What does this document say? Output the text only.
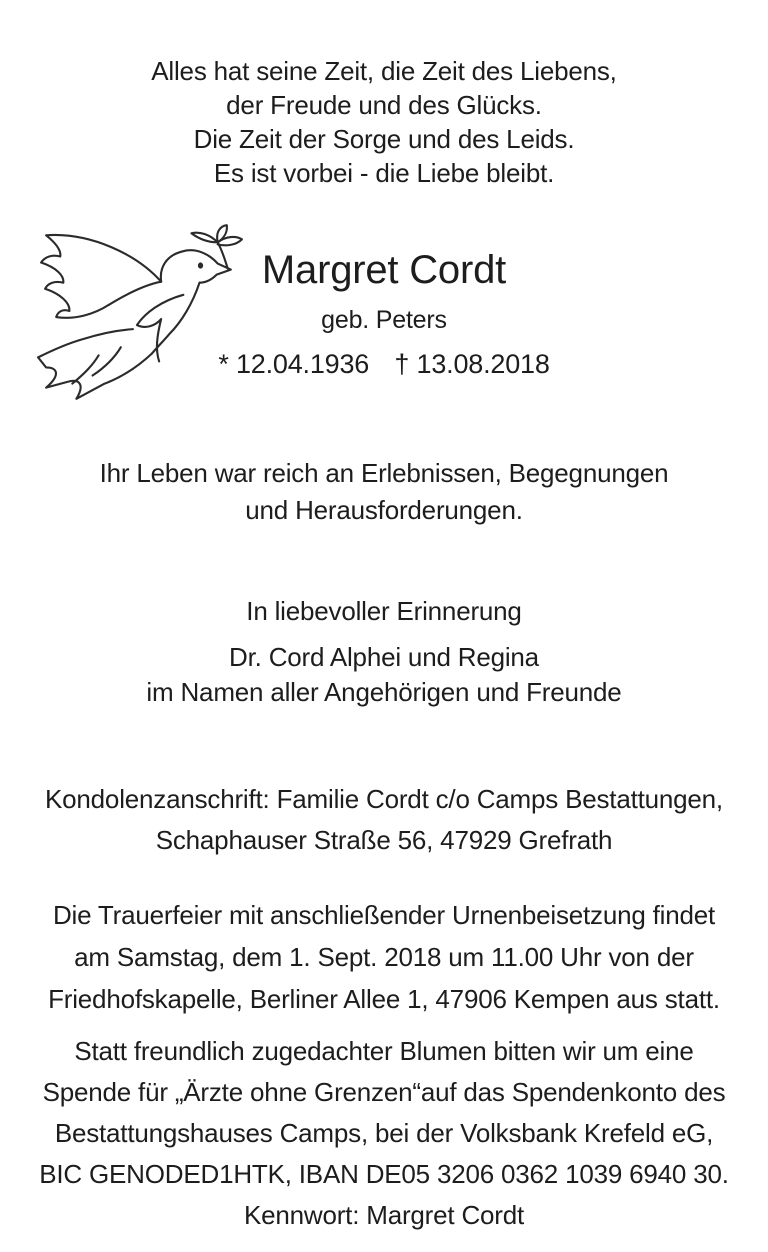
Alles hat seine Zeit, die Zeit des Liebens,
der Freude und des Glücks.
Die Zeit der Sorge und des Leids.
Es ist vorbei - die Liebe bleibt.
Margret Cordt
geb. Peters
* 12.04.1936 † 13.08.2018
Ihr Leben war reich an Erlebnissen, Begegnungen
und Herausforderungen.
In liebevoller Erinnerung
Dr. Cord Alphei und Regina
im Namen aller Angehörigen und Freunde
Kondolenzanschrift: Familie Cordt c/o Camps Bestattungen,
Schaphauser Straße 56, 47929 Grefrath
Die Trauerfeier mit anschließender Urnenbeisetzung findet
am Samstag, dem 1. Sept. 2018 um 11.00 Uhr von der
Friedhofskapelle, Berliner Allee 1, 47906 Kempen aus statt.
Statt freundlich zugedachter Blumen bitten wir um eine
Spende für „Ärzte ohne Grenzen“auf das Spendenkonto des
Bestattungshauses Camps, bei der Volksbank Krefeld eG,
BIC GENODED1HTK, IBAN DE05 3206 0362 1039 6940 30.
Kennwort: Margret Cordt
